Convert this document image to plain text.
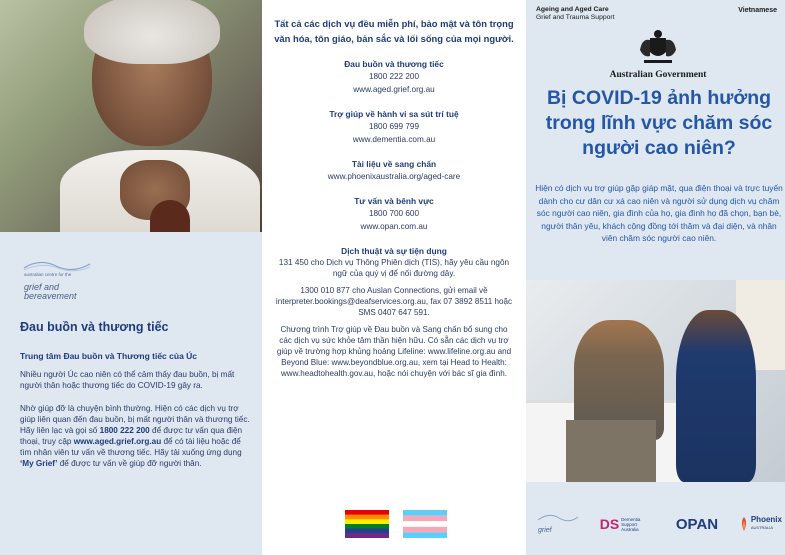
australian centre for the
grief and bereavement
Đau buồn và thương tiếc
Trung tâm Đau buồn và Thương tiếc của Úc
Nhiều người Úc cao niên có thể cảm thấy đau buồn, bị mất người thân hoặc thương tiếc do COVID-19 gây ra.
Nhờ giúp đỡ là chuyện bình thường. Hiện có các dịch vụ trợ giúp liên quan đến đau buồn, bị mất người thân và thương tiếc. Hãy liên lạc và gọi số 1800 222 200 để được tư vấn qua điện thoại, truy cập www.aged.grief.org.au để có tài liệu hoặc để tìm nhân viên tư vấn về thương tiếc. Hãy tải xuống ứng dụng ‘My Grief’ để được tư vấn về giúp đỡ người thân.
Tất cả các dịch vụ đều miễn phí, bảo mật và tôn trọng văn hóa, tôn giáo, bản sắc và lối sống của mọi người.
Đau buồn và thương tiếc
1800 222 200
www.aged.grief.org.au
Trợ giúp về hành vi sa sút trí tuệ
1800 699 799
www.dementia.com.au
Tài liệu về sang chấn
www.phoenixaustralia.org/aged-care
Tư vấn và bênh vực
1800 700 600
www.opan.com.au
Dịch thuật và sự tiện dụng
131 450 cho Dịch vụ Thông Phiên dịch (TIS), hãy yêu cầu ngôn ngữ của quý vị để nối đường dây.
1300 010 877 cho Auslan Connections, gửi email về interpreter.bookings@deafservices.org.au, fax 07 3892 8511 hoặc SMS 0407 647 591.
Chương trình Trợ giúp về Đau buồn và Sang chấn bổ sung cho các dịch vụ sức khỏe tâm thần hiện hữu. Có sẵn các dịch vụ trợ giúp về trường hợp khủng hoảng Lifeline: www.lifeline.org.au and Beyond Blue: www.beyondblue.org.au, xem tại Head to Health: www.headtohealth.gov.au, hoặc nói chuyện với bác sĩ gia đình.
Ageing and Aged Care
Grief and Trauma Support
Vietnamese
Australian Government
Bị COVID-19 ảnh hưởng trong lĩnh vực chăm sóc người cao niên?
Hiện có dịch vụ trợ giúp gặp giáp mặt, qua điện thoại và trực tuyến dành cho cư dân cư xá cao niên và người sử dụng dịch vụ chăm sóc người cao niên, gia đình của họ, gia đình họ đã chọn, bạn bè, người thân yêu, khách cộng đồng tới thăm và đại diện, và nhân viên chăm sóc người cao niên.
grief	DS Dementia Support Australia	OPAN	Phoenix
AUSTRALIA
